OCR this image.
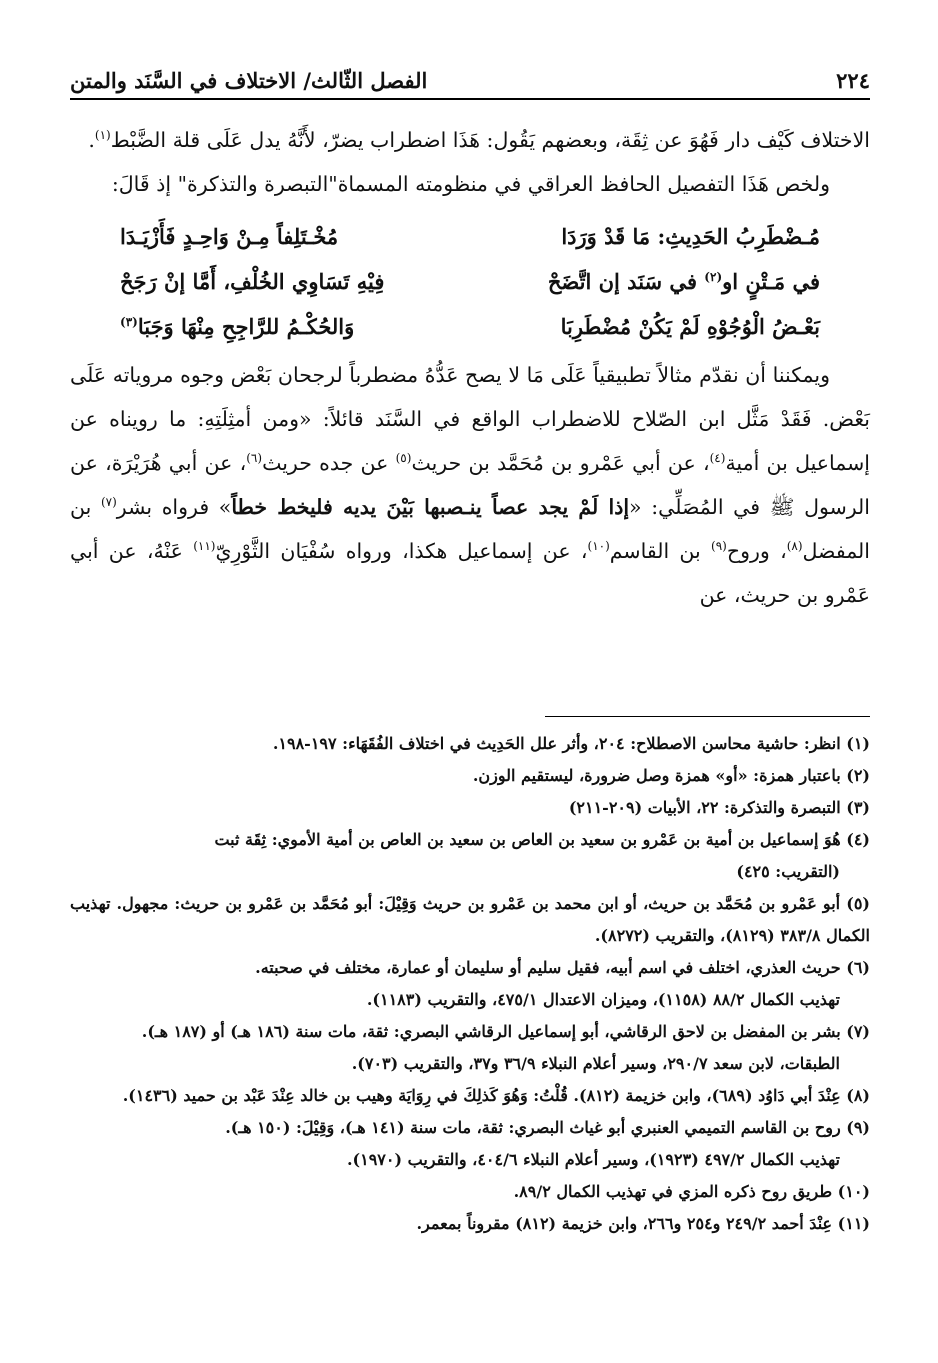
٢٢٤
الفصل الثّالث/ الاختلاف في السَّنَد والمتن

الاختلاف كَيْف دار فَهُوَ عن ثِقَة، وبعضهم يَقُول: هَذَا اضطراب يضرّ، لأَنَّهُ يدل عَلَى قلة الضَّبْط$^{(١)}$.

ولخص هَذَا التفصيل الحافظ العراقي في منظومته المسماة"التبصرة والتذكرة" إذ قَالَ:

مُـضْطَرِبُ الحَدِيثِ: مَا قَدْ وَرَدَا
مُخْـتَلِفاً مِـنْ وَاحِـدٍ فَأَزْيَـدَا
في مَـتْنٍ او$^{(٢)}$ في سَنَد إن اتَّضَحْ
فِيْهِ تَسَاوِي الخُلْفِ، أَمَّا إنْ رَجَحْ
بَعْـضُ الْوُجُوْهِ لَمْ يَكُنْ مُضْطَرِبَا
وَالحُكْـمُ للرَّاجِحِ مِنْهَا وَجَبَا$^{(٣)}$

ويمكننا أن نقدّم مثالاً تطبيقياً عَلَى مَا لا يصح عَدُّهُ مضطرباً لرجحان بَعْض وجوه مروياته عَلَى بَعْض. فَقَدْ مَثَّل ابن الصّلاح للاضطراب الواقع في السَّنَد قائلاً: «ومن أمثِلَتِهِ: ما رويناه عن إسماعيل بن أمية$^{(٤)}$، عن أبي عَمْرو بن مُحَمَّد بن حريث$^{(٥)}$ عن جده حريث$^{(٦)}$، عن أبي هُرَيْرَة، عن الرسول ﷺ في المُصَلِّي: «إذا لَمْ يجد عصاً ينـصبها بَيْنَ يديه فليخط خطاً» فرواه بشر$^{(٧)}$ بن المفضل$^{(٨)}$، وروح$^{(٩)}$ بن القاسم$^{(١٠)}$، عن إسماعيل هكذا، ورواه سُفْيَان الثَّوْرِيّ$^{(١١)}$ عَنْهُ، عن أبي عَمْرو بن حريث، عن

(١) انظر: حاشية محاسن الاصطلاح: ٢٠٤، وأثر علل الحَدِيث في اختلاف الفُقَهَاء: ١٩٧-١٩٨.

(٢) باعتبار همزة: «أو» همزة وصل ضرورة، ليستقيم الوزن.

(٣) التبصرة والتذكرة: ٢٢، الأبيات (٢٠٩-٢١١)

(٤) هُوَ إسماعيل بن أمية بن عَمْرو بن سعيد بن العاص بن سعيد بن العاص بن أمية الأموي: ثِقَة ثبت
(التقريب: ٤٢٥)

(٥) أبو عَمْرو بن مُحَمَّد بن حريث، أو ابن محمد بن عَمْرو بن حريث وَقِيْلَ: أبو مُحَمَّد بن عَمْرو بن حريث: مجهول. تهذيب الكمال ٣٨٣/٨ (٨١٢٩)، والتقريب (٨٢٧٢).

(٦) حريث العذري، اختلف في اسم أبيه، فقيل سليم أو سليمان أو عمارة، مختلف في صحبته.
تهذيب الكمال ٨٨/٢ (١١٥٨)، وميزان الاعتدال ٤٧٥/١، والتقريب (١١٨٣).

(٧) بشر بن المفضل بن لاحق الرقاشي، أبو إسماعيل الرقاشي البصري: ثقة، مات سنة (١٨٦ هـ) أو (١٨٧ هـ).
الطبقات، لابن سعد ٢٩٠/٧، وسير أعلام النبلاء ٣٦/٩ و٣٧، والتقريب (٧٠٣).

(٨) عِنْدَ أبي دَاوُد (٦٨٩)، وابن خزيمة (٨١٢). قُلْتُ: وَهُوَ كَذلِكَ في رِوَايَة وهيب بن خالد عِنْدَ عَبْد بن حميد (١٤٣٦).

(٩) روح بن القاسم التميمي العنبري أبو غياث البصري: ثقة، مات سنة (١٤١ هـ)، وَقِيْلَ: (١٥٠ هـ).
تهذيب الكمال ٤٩٧/٢ (١٩٢٣)، وسير أعلام النبلاء ٤٠٤/٦، والتقريب (١٩٧٠).

(١٠) طريق روح ذكره المزي في تهذيب الكمال ٨٩/٢.

(١١) عِنْدَ أحمد ٢٤٩/٢ و٢٥٤ و٢٦٦، وابن خزيمة (٨١٢) مقروناً بمعمر.
